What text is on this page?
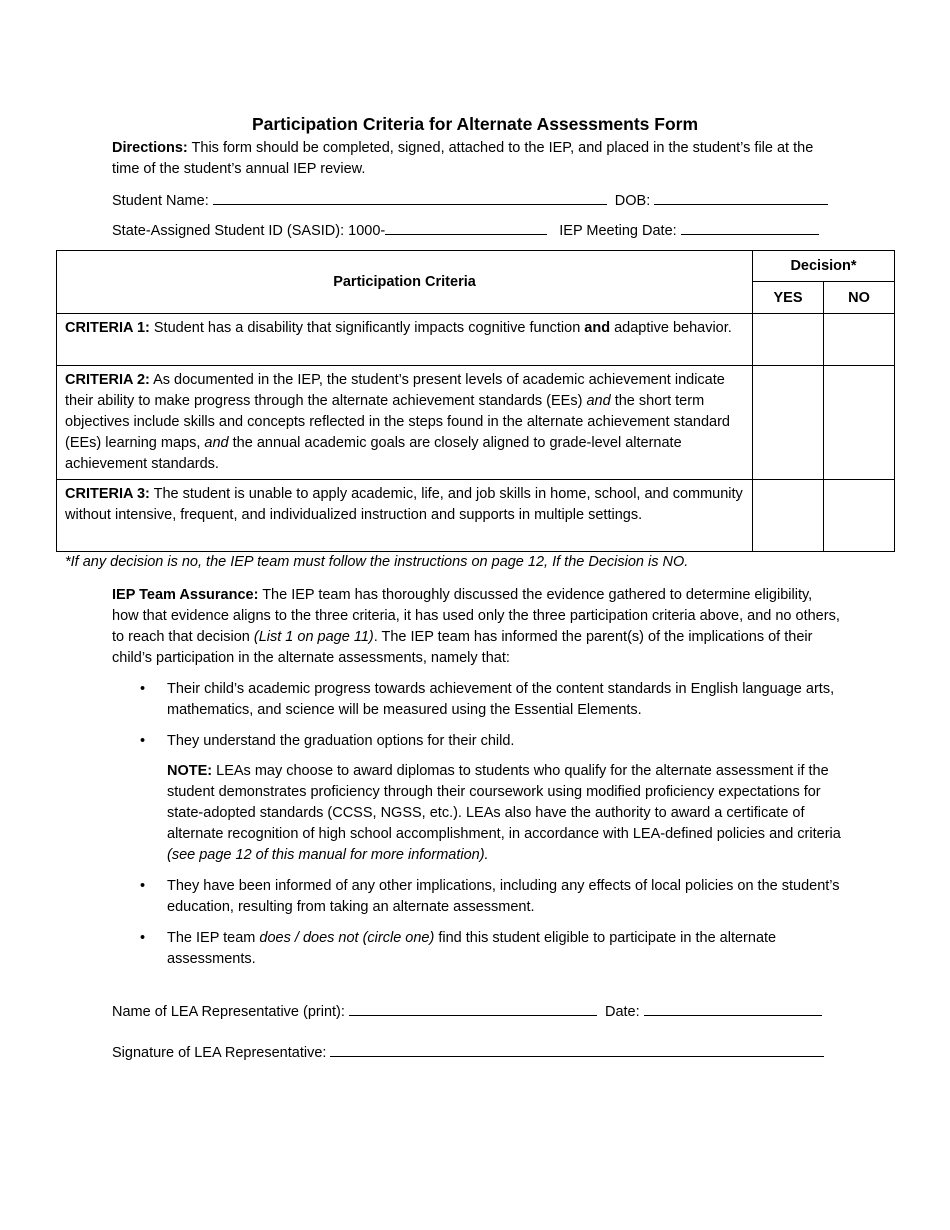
Participation Criteria for Alternate Assessments Form
Directions: This form should be completed, signed, attached to the IEP, and placed in the student’s file at the time of the student’s annual IEP review.
Student Name:	DOB:
State-Assigned Student ID (SASID): 1000-	IEP Meeting Date:
Participation Criteria	Decision*	
	YES	NO
CRITERIA 1: Student has a disability that significantly impacts cognitive function and adaptive behavior.		
CRITERIA 2: As documented in the IEP, the student’s present levels of academic achievement indicate their ability to make progress through the alternate achievement standards (EEs) and the short term objectives include skills and concepts reflected in the steps found in the alternate achievement standard (EEs) learning maps, and the annual academic goals are closely aligned to grade-level alternate achievement standards.		
CRITERIA 3: The student is unable to apply academic, life, and job skills in home, school, and community without intensive, frequent, and individualized instruction and supports in multiple settings.		
*If any decision is no, the IEP team must follow the instructions on page 12, If the Decision is NO.
IEP Team Assurance: The IEP team has thoroughly discussed the evidence gathered to determine eligibility, how that evidence aligns to the three criteria, it has used only the three participation criteria above, and no others, to reach that decision (List 1 on page 11). The IEP team has informed the parent(s) of the implications of their child’s participation in the alternate assessments, namely that:
• Their child’s academic progress towards achievement of the content standards in English language arts, mathematics, and science will be measured using the Essential Elements.
• They understand the graduation options for their child.
NOTE: LEAs may choose to award diplomas to students who qualify for the alternate assessment if the student demonstrates proficiency through their coursework using modified proficiency expectations for state-adopted standards (CCSS, NGSS, etc.). LEAs also have the authority to award a certificate of alternate recognition of high school accomplishment, in accordance with LEA-defined policies and criteria (see page 12 of this manual for more information).
• They have been informed of any other implications, including any effects of local policies on the student’s education, resulting from taking an alternate assessment.
• The IEP team does / does not (circle one) find this student eligible to participate in the alternate assessments.
Name of LEA Representative (print):	Date:
Signature of LEA Representative:
